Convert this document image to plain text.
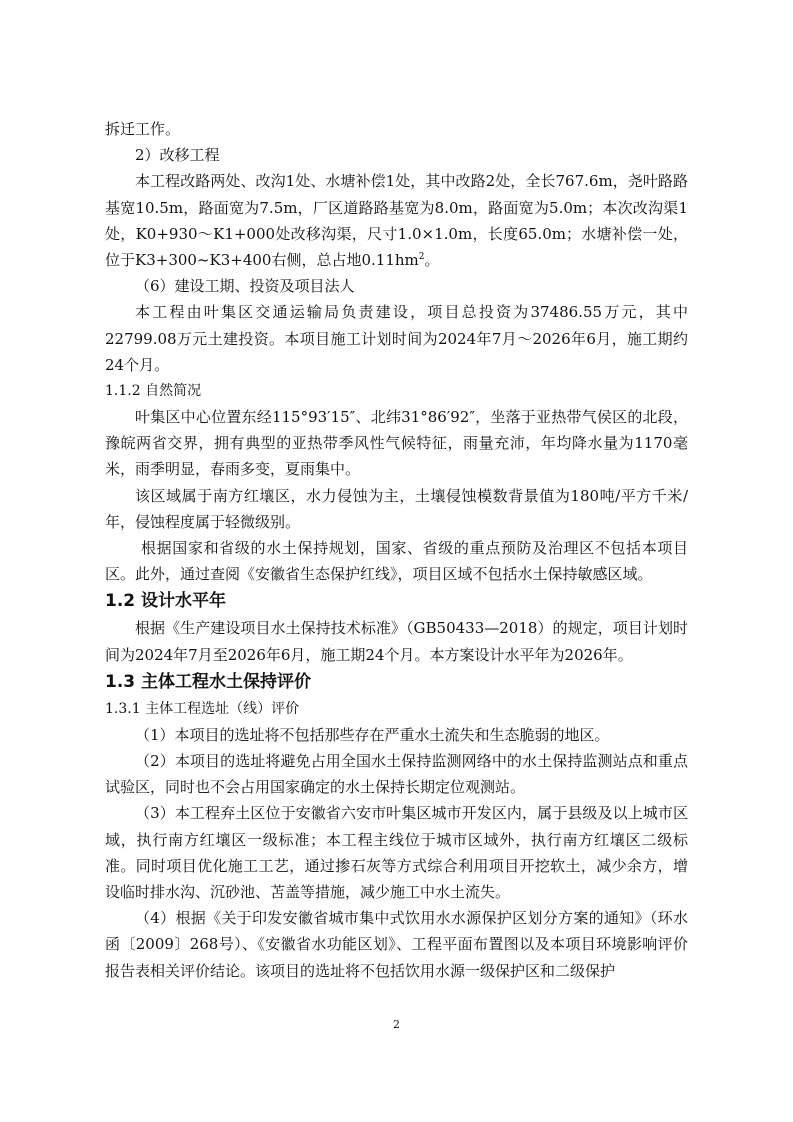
拆迁工作。

2）改移工程

本工程改路两处、改沟1处、水塘补偿1处，其中改路2处，全长767.6m，尧叶路路基宽10.5m，路面宽为7.5m，厂区道路路基宽为8.0m，路面宽为5.0m；本次改沟渠1处，K0+930～K1+000处改移沟渠，尺寸1.0×1.0m，长度65.0m；水塘补偿一处，位于K3+300~K3+400右侧，总占地$0.11hm^2$。

（6）建设工期、投资及项目法人

本工程由叶集区交通运输局负责建设，项目总投资为37486.55万元，其中22799.08万元土建投资。本项目施工计划时间为2024年7月～2026年6月，施工期约24个月。

1.1.2 自然简况

叶集区中心位置东经115°93′15″、北纬31°86′92″，坐落于亚热带气侯区的北段，豫皖两省交界，拥有典型的亚热带季风性气候特征，雨量充沛，年均降水量为1170毫米，雨季明显，春雨多变，夏雨集中。

该区域属于南方红壤区，水力侵蚀为主，土壤侵蚀模数背景值为180吨/平方千米/年，侵蚀程度属于轻微级别。

根据国家和省级的水土保持规划，国家、省级的重点预防及治理区不包括本项目区。此外，通过查阅《安徽省生态保护红线》，项目区域不包括水土保持敏感区域。

1.2 设计水平年

根据《生产建设项目水土保持技术标准》（GB50433—2018）的规定，项目计划时间为2024年7月至2026年6月，施工期24个月。本方案设计水平年为2026年。

1.3 主体工程水土保持评价
1.3.1 主体工程选址（线）评价

（1）本项目的选址将不包括那些存在严重水土流失和生态脆弱的地区。

（2）本项目的选址将避免占用全国水土保持监测网络中的水土保持监测站点和重点试验区，同时也不会占用国家确定的水土保持长期定位观测站。

（3）本工程弃土区位于安徽省六安市叶集区城市开发区内，属于县级及以上城市区域，执行南方红壤区一级标准；本工程主线位于城市区域外，执行南方红壤区二级标准。同时项目优化施工工艺，通过掺石灰等方式综合利用项目开挖软土，减少余方，增设临时排水沟、沉砂池、苫盖等措施，减少施工中水土流失。

（4）根据《关于印发安徽省城市集中式饮用水水源保护区划分方案的通知》（环水函〔2009〕268号）、《安徽省水功能区划》、工程平面布置图以及本项目环境影响评价报告表相关评价结论。该项目的选址将不包括饮用水源一级保护区和二级保护

2
